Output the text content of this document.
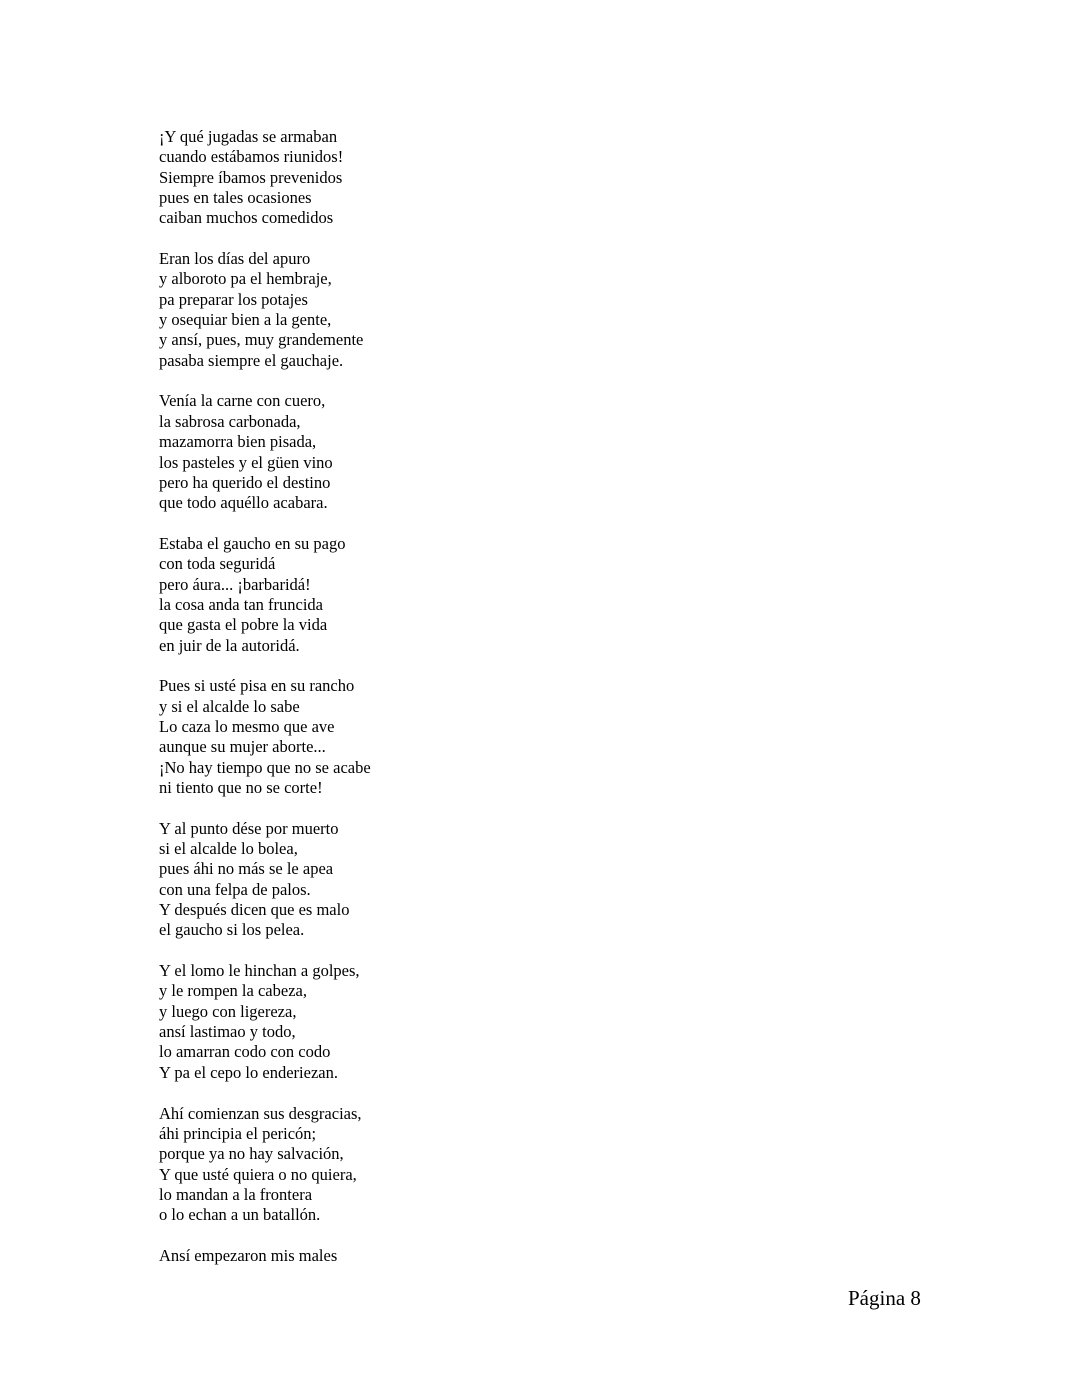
¡Y qué jugadas se armaban
cuando estábamos riunidos!
Siempre íbamos prevenidos
pues en tales ocasiones
caiban muchos comedidos
Eran los días del apuro
y alboroto pa el hembraje,
pa preparar los potajes
y osequiar bien a la gente,
y ansí, pues, muy grandemente
pasaba siempre el gauchaje.
Venía la carne con cuero,
la sabrosa carbonada,
mazamorra bien pisada,
los pasteles y el güen vino
pero ha querido el destino
que todo aquéllo acabara.
Estaba el gaucho en su pago
con toda seguridá
pero áura... ¡barbaridá!
la cosa anda tan fruncida
que gasta el pobre la vida
en juir de la autoridá.
Pues si usté pisa en su rancho
y si el alcalde lo sabe
Lo caza lo mesmo que ave
aunque su mujer aborte...
¡No hay tiempo que no se acabe
ni tiento que no se corte!
Y al punto dése por muerto
si el alcalde lo bolea,
pues áhi no más se le apea
con una felpa de palos.
Y después dicen que es malo
el gaucho si los pelea.
Y el lomo le hinchan a golpes,
y le rompen la cabeza,
y luego con ligereza,
ansí lastimao y todo,
lo amarran codo con codo
Y pa el cepo lo enderiezan.
Ahí comienzan sus desgracias,
áhi principia el pericón;
porque ya no hay salvación,
Y que usté quiera o no quiera,
lo mandan a la frontera
o lo echan a un batallón.
Ansí empezaron mis males
Página 8
